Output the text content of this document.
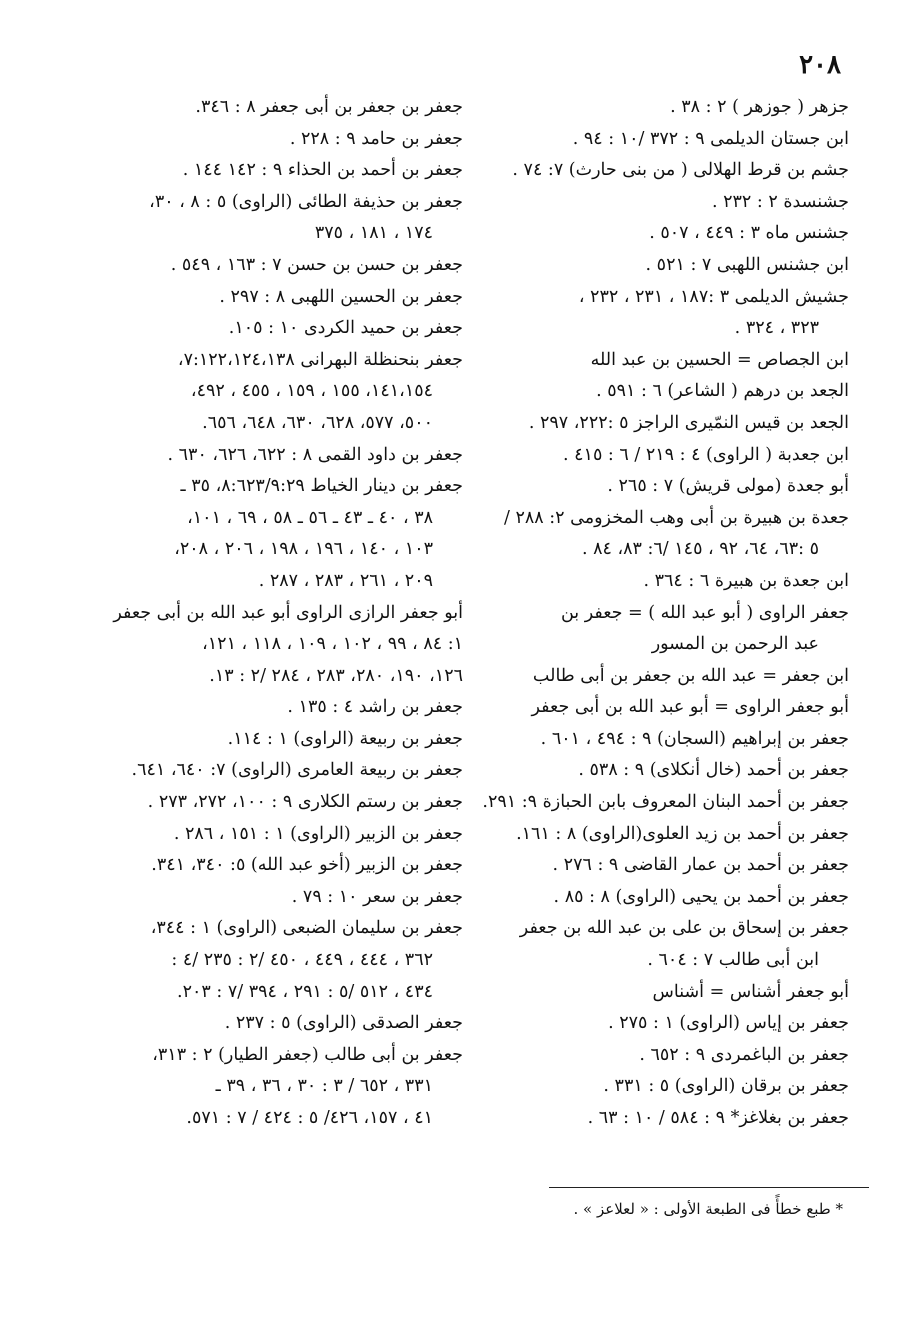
٢٠٨
جزهر ( جوزهر ) ٢ : ٣٨ .
ابن جستان الديلمى ٩ : ٣٧٢ /١٠ : ٩٤ .
جشم بن قرط الهلالى ( من بنى حارث) ٧: ٧٤ .
جشنسدة ٢ : ٢٣٢ .
جشنس ماه ٣ : ٤٤٩ ، ٥٠٧ .
ابن جشنس اللهبى ٧ : ٥٢١ .
جشيش الديلمى ٣ :١٨٧ ، ٢٣١ ، ٢٣٢ ،
٣٢٣ ، ٣٢٤ .
ابن الجصاص = الحسين بن عبد الله
الجعد بن درهم ( الشاعر) ٦ : ٥٩١ .
الجعد بن قيس النمّيرى الراجز ٥ :٢٢٢، ٢٩٧ .
ابن جعدبة ( الراوى) ٤ : ٢١٩ / ٦ : ٤١٥ .
أبو جعدة (مولى قريش) ٧ : ٢٦٥ .
جعدة بن هبيرة بن أبى وهب المخزومى ٢: ٢٨٨ /
٥ :٦٣، ٦٤، ٩٢ ، ١٤٥ /٦: ٨٣، ٨٤ .
ابن جعدة بن هبيرة ٦ : ٣٦٤ .
جعفر الراوى ( أبو عبد الله ) = جعفر بن
عبد الرحمن بن المسور
ابن جعفر = عبد الله بن جعفر بن أبى طالب
أبو جعفر الراوى = أبو عبد الله بن أبى جعفر
جعفر بن إبراهيم (السجان) ٩ : ٤٩٤ ، ٦٠١ .
جعفر بن أحمد (خال أنكلاى) ٩ : ٥٣٨ .
جعفر بن أحمد البنان المعروف بابن الحبازة ٩: ٢٩١.
جعفر بن أحمد بن زيد العلوى(الراوى) ٨ : ١٦١.
جعفر بن أحمد بن عمار القاضى ٩ : ٢٧٦ .
جعفر بن أحمد بن يحيى (الراوى) ٨ : ٨٥ .
جعفر بن إسحاق بن على بن عبد الله بن جعفر
ابن أبى طالب ٧ : ٦٠٤ .
أبو جعفر أشناس = أشناس
جعفر بن إياس (الراوى) ١ : ٢٧٥ .
جعفر بن الباغمردى ٩ : ٦٥٢ .
جعفر بن برقان (الراوى) ٥ : ٣٣١ .
جعفر بن بغلاغز* ٩ : ٥٨٤ / ١٠ : ٦٣ .
جعفر بن جعفر بن أبى جعفر ٨ : ٣٤٦.
جعفر بن حامد ٩ : ٢٢٨ .
جعفر بن أحمد بن الحذاء ٩ : ١٤٢ ١٤٤ .
جعفر بن حذيفة الطائى (الراوى) ٥ : ٨ ، ٣٠،
١٧٤ ، ١٨١ ، ٣٧٥
جعفر بن حسن بن حسن ٧ : ١٦٣ ، ٥٤٩ .
جعفر بن الحسين اللهبى ٨ : ٢٩٧ .
جعفر بن حميد الكردى ١٠ : ١٠٥.
جعفر بنحنظلة البهرانى ٧:١٢٢،١٢٤،١٣٨،
١٤١،١٥٤، ١٥٥ ، ١٥٩ ، ٤٥٥ ، ٤٩٢،
٥٠٠، ٥٧٧، ٦٢٨، ٦٣٠، ٦٤٨، ٦٥٦.
جعفر بن داود القمى ٨ : ٦٢٢، ٦٢٦، ٦٣٠ .
جعفر بن دينار الخياط ٨:٦٢٣/٩:٢٩، ٣٥ ـ
٣٨ ، ٤٠ ـ ٤٣ ـ ٥٦ ـ ٥٨ ، ٦٩ ، ١٠١،
١٠٣ ، ١٤٠ ، ١٩٦ ، ١٩٨ ، ٢٠٦ ، ٢٠٨،
٢٠٩ ، ٢٦١ ، ٢٨٣ ، ٢٨٧ .
أبو جعفر الرازى الراوى أبو عبد الله بن أبى جعفر
١: ٨٤ ، ٩٩ ، ١٠٢ ، ١٠٩ ، ١١٨ ، ١٢١،
١٢٦، ١٩٠، ٢٨٠، ٢٨٣ ، ٢٨٤ /٢ : ١٣.
جعفر بن راشد ٤ : ١٣٥ .
جعفر بن ربيعة (الراوى) ١ : ١١٤.
جعفر بن ربيعة العامرى (الراوى) ٧: ٦٤٠، ٦٤١.
جعفر بن رستم الكلارى ٩ : ١٠٠، ٢٧٢، ٢٧٣ .
جعفر بن الزبير (الراوى) ١ : ١٥١ ، ٢٨٦ .
جعفر بن الزبير (أخو عبد الله) ٥: ٣٤٠، ٣٤١.
جعفر بن سعر ١٠ : ٧٩ .
جعفر بن سليمان الضبعى (الراوى) ١ : ٣٤٤،
٣٦٢ ، ٤٤٤ ، ٤٤٩ ، ٤٥٠ /٢ : ٢٣٥ /٤ :
٤٣٤ ، ٥١٢ /٥ : ٢٩١ ، ٣٩٤ /٧ : ٢٠٣.
جعفر الصدقى (الراوى) ٥ : ٢٣٧ .
جعفر بن أبى طالب (جعفر الطيار) ٢ : ٣١٣،
٣٣١ ، ٦٥٢ / ٣ : ٣٠ ، ٣٦ ، ٣٩ ـ
٤١ ، ١٥٧، ٤٢٦/ ٥ : ٤٢٤ / ٧ : ٥٧١.
* طبع خطأً فى الطبعة الأولى : « لعلاعز » .
